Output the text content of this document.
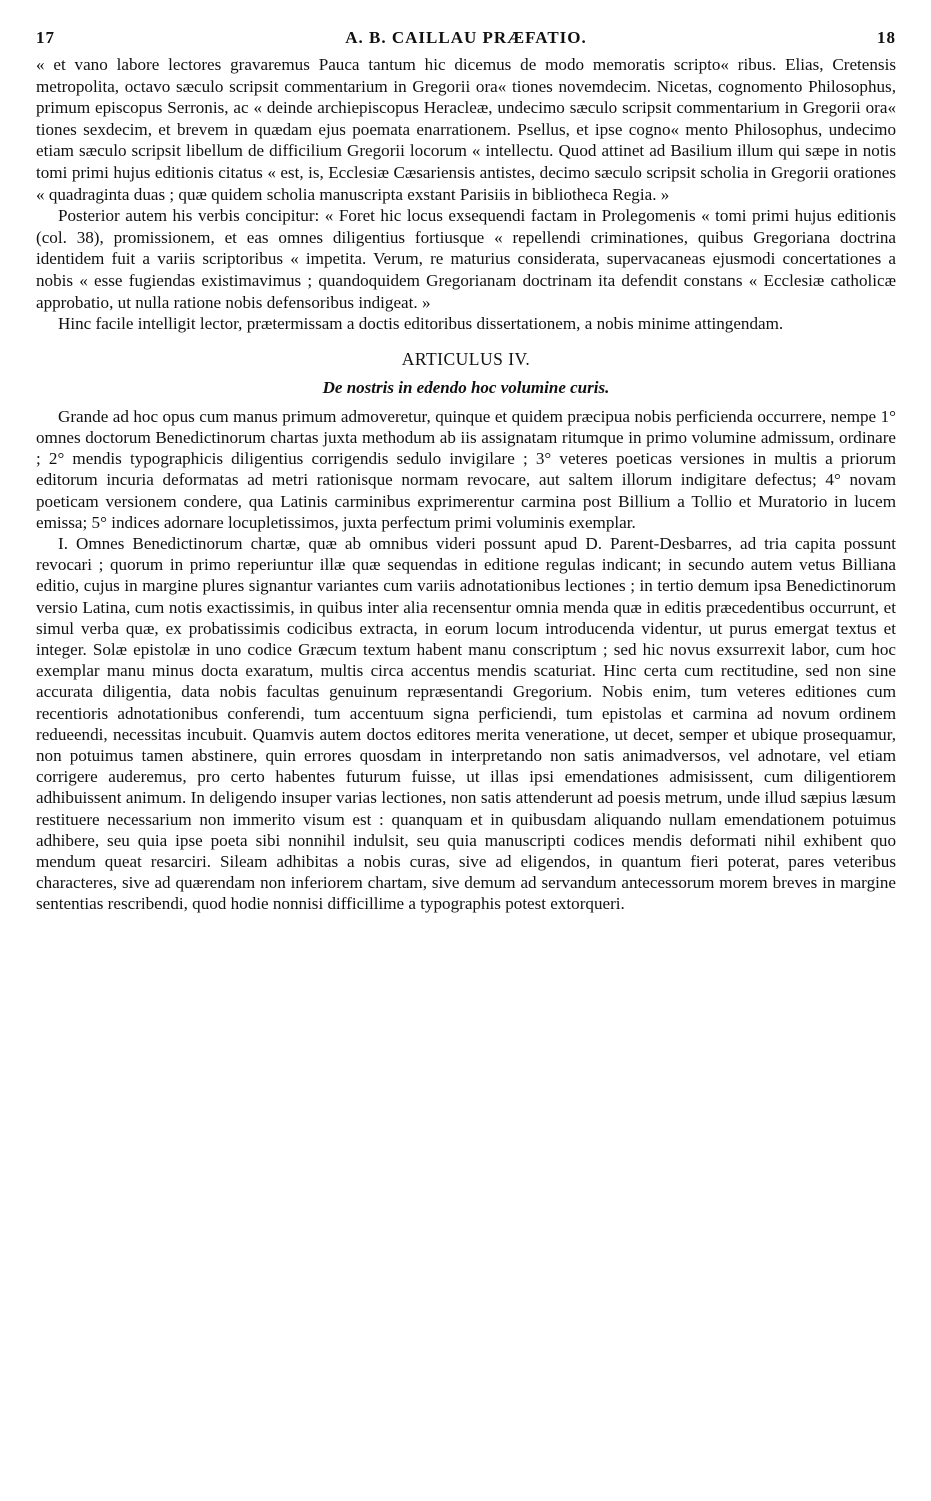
17	A. B. CAILLAU PRÆFATIO.	18

« et vano labore lectores gravaremus Pauca tantum hic dicemus de modo memoratis scripto« ribus. Elias, Cretensis metropolita, octavo sæculo scripsit commentarium in Gregorii ora« tiones novemdecim. Nicetas, cognomento Philosophus, primum episcopus Serronis, ac « deinde archiepiscopus Heracleæ, undecimo sæculo scripsit commentarium in Gregorii ora« tiones sexdecim, et brevem in quædam ejus poemata enarrationem. Psellus, et ipse cogno« mento Philosophus, undecimo etiam sæculo scripsit libellum de difficilium Gregorii locorum « intellectu. Quod attinet ad Basilium illum qui sæpe in notis tomi primi hujus editionis citatus « est, is, Ecclesiæ Cæsariensis antistes, decimo sæculo scripsit scholia in Gregorii orationes « quadraginta duas ; quæ quidem scholia manuscripta exstant Parisiis in bibliotheca Regia. »

Posterior autem his verbis concipitur: « Foret hic locus exsequendi factam in Prolegomenis « tomi primi hujus editionis (col. 38), promissionem, et eas omnes diligentius fortiusque « repellendi criminationes, quibus Gregoriana doctrina identidem fuit a variis scriptoribus « impetita. Verum, re maturius considerata, supervacaneas ejusmodi concertationes a nobis « esse fugiendas existimavimus ; quandoquidem Gregorianam doctrinam ita defendit constans « Ecclesiæ catholicæ approbatio, ut nulla ratione nobis defensoribus indigeat. »

Hinc facile intelligit lector, prætermissam a doctis editoribus dissertationem, a nobis minime attingendam.

ARTICULUS IV.
De nostris in edendo hoc volumine curis.

Grande ad hoc opus cum manus primum admoveretur, quinque et quidem præcipua nobis perficienda occurrere, nempe 1° omnes doctorum Benedictinorum chartas juxta methodum ab iis assignatam ritumque in primo volumine admissum, ordinare ; 2° mendis typographicis diligentius corrigendis sedulo invigilare ; 3° veteres poeticas versiones in multis a priorum editorum incuria deformatas ad metri rationisque normam revocare, aut saltem illorum indigitare defectus; 4° novam poeticam versionem condere, qua Latinis carminibus exprimerentur carmina post Billium a Tollio et Muratorio in lucem emissa; 5° indices adornare locupletissimos, juxta perfectum primi voluminis exemplar.

I. Omnes Benedictinorum chartæ, quæ ab omnibus videri possunt apud D. Parent-Desbarres, ad tria capita possunt revocari ; quorum in primo reperiuntur illæ quæ sequendas in editione regulas indicant; in secundo autem vetus Billiana editio, cujus in margine plures signantur variantes cum variis adnotationibus lectiones ; in tertio demum ipsa Benedictinorum versio Latina, cum notis exactissimis, in quibus inter alia recensentur omnia menda quæ in editis præcedentibus occurrunt, et simul verba quæ, ex probatissimis codicibus extracta, in eorum locum introducenda videntur, ut purus emergat textus et integer. Solæ epistolæ in uno codice Græcum textum habent manu conscriptum ; sed hic novus exsurrexit labor, cum hoc exemplar manu minus docta exaratum, multis circa accentus mendis scaturiat. Hinc certa cum rectitudine, sed non sine accurata diligentia, data nobis facultas genuinum repræsentandi Gregorium. Nobis enim, tum veteres editiones cum recentioris adnotationibus conferendi, tum accentuum signa perficiendi, tum epistolas et carmina ad novum ordinem redueendi, necessitas incubuit. Quamvis autem doctos editores merita veneratione, ut decet, semper et ubique prosequamur, non potuimus tamen abstinere, quin errores quosdam in interpretando non satis animadversos, vel adnotare, vel etiam corrigere auderemus, pro certo habentes futurum fuisse, ut illas ipsi emendationes admisissent, cum diligentiorem adhibuissent animum. In deligendo insuper varias lectiones, non satis attenderunt ad poesis metrum, unde illud sæpius læsum restituere necessarium non immerito visum est : quanquam et in quibusdam aliquando nullam emendationem potuimus adhibere, seu quia ipse poeta sibi nonnihil indulsit, seu quia manuscripti codices mendis deformati nihil exhibent quo mendum queat resarciri. Sileam adhibitas a nobis curas, sive ad eligendos, in quantum fieri poterat, pares veteribus characteres, sive ad quærendam non inferiorem chartam, sive demum ad servandum antecessorum morem breves in margine sententias rescribendi, quod hodie nonnisi difficillime a typographis potest extorqueri.
